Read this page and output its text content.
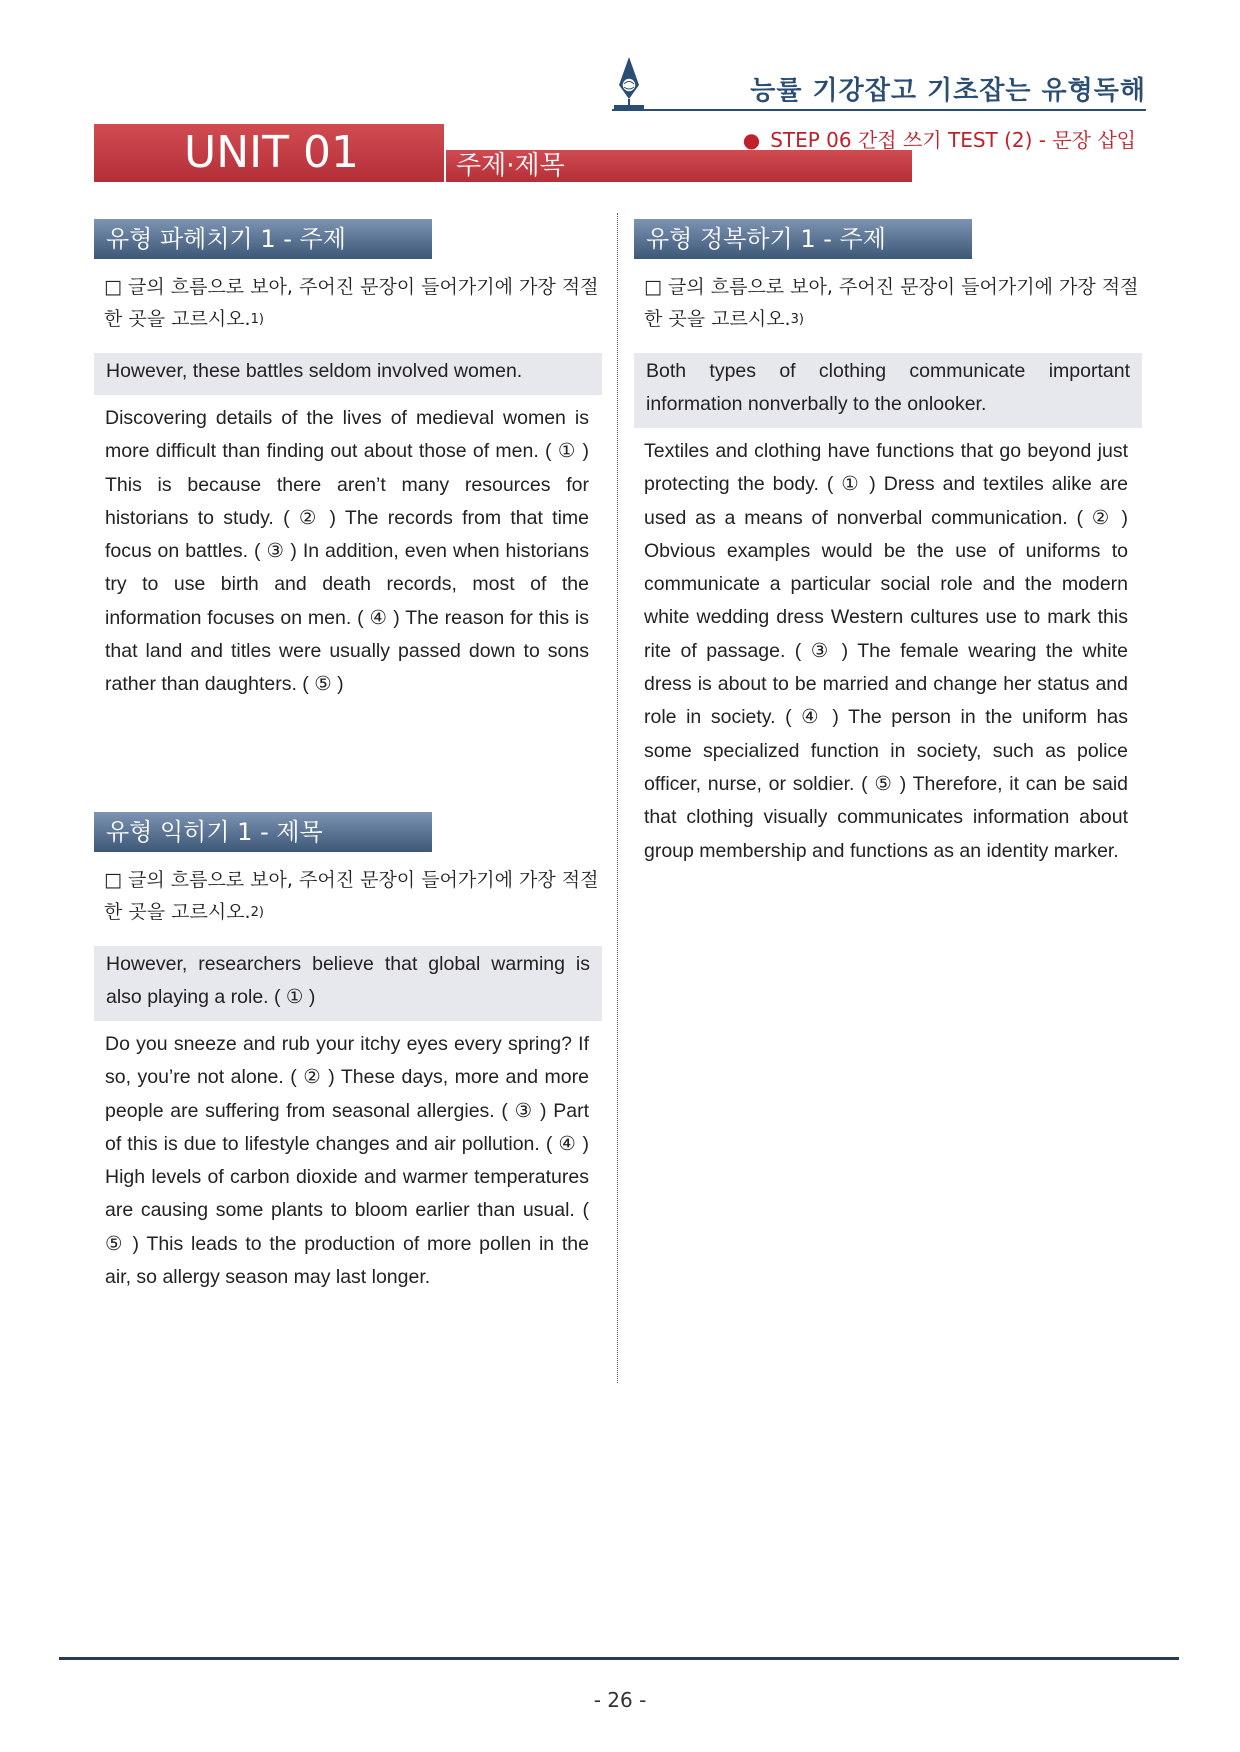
능률 기강잡고 기초잡는 유형독해
UNIT 01	주제·제목
● STEP 06 간접 쓰기 TEST (2) - 문장 삽입
유형 파헤치기 1 - 주제
□ 글의 흐름으로 보아, 주어진 문장이 들어가기에 가장 적절한 곳을 고르시오.$^{1)}$
However, these battles seldom involved women.
Discovering details of the lives of medieval women is more difficult than finding out about those of men. ( ① ) This is because there aren’t many resources for historians to study. ( ② ) The records from that time focus on battles. ( ③ ) In addition, even when historians try to use birth and death records, most of the information focuses on men. ( ④ ) The reason for this is that land and titles were usually passed down to sons rather than daughters. ( ⑤ )
유형 익히기 1 - 제목
□ 글의 흐름으로 보아, 주어진 문장이 들어가기에 가장 적절한 곳을 고르시오.$^{2)}$
However, researchers believe that global warming is also playing a role. ( ① )
Do you sneeze and rub your itchy eyes every spring? If so, you’re not alone. ( ② ) These days, more and more people are suffering from seasonal allergies. ( ③ ) Part of this is due to lifestyle changes and air pollution. ( ④ ) High levels of carbon dioxide and warmer temperatures are causing some plants to bloom earlier than usual. ( ⑤ ) This leads to the production of more pollen in the air, so allergy season may last longer.
유형 정복하기 1 - 주제
□ 글의 흐름으로 보아, 주어진 문장이 들어가기에 가장 적절한 곳을 고르시오.$^{3)}$
Both types of clothing communicate important information nonverbally to the onlooker.
Textiles and clothing have functions that go beyond just protecting the body. ( ① ) Dress and textiles alike are used as a means of nonverbal communication. ( ② ) Obvious examples would be the use of uniforms to communicate a particular social role and the modern white wedding dress Western cultures use to mark this rite of passage. ( ③ ) The female wearing the white dress is about to be married and change her status and role in society. ( ④ ) The person in the uniform has some specialized function in society, such as police officer, nurse, or soldier. ( ⑤ ) Therefore, it can be said that clothing visually communicates information about group membership and functions as an identity marker.
- 26 -
